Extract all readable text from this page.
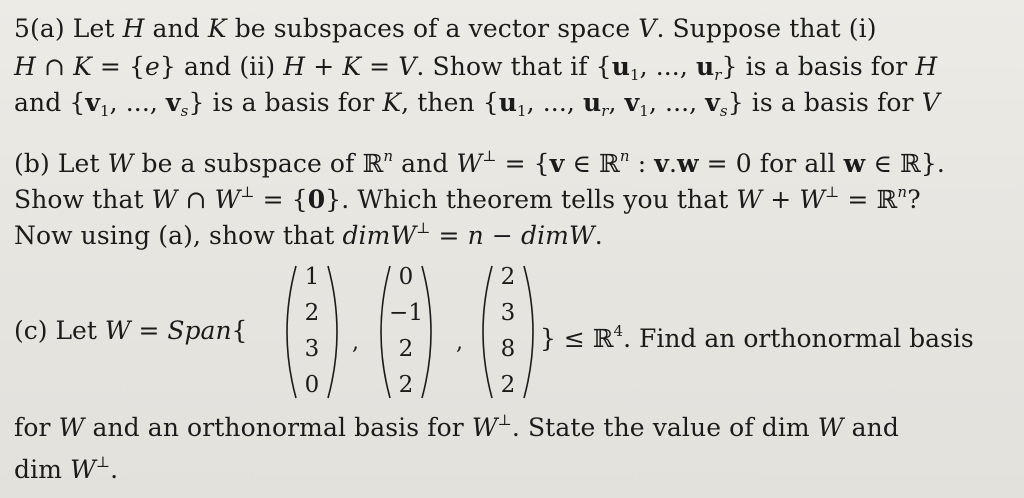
5(a) Let H and K be subspaces of a vector space V. Suppose that (i)
H ∩ K = {e} and (ii) H + K = V. Show that if {$u_1$, ..., $u_r$} is a basis for H
and {$v_1$, ..., $v_s$} is a basis for K, then {$u_1$, ..., $u_r$, $v_1$, ..., $v_s$} is a basis for V
(b) Let W be a subspace of ℝ$^n$ and W⊥ = {v ∈ ℝ$^n$ : v.w = 0 for all w ∈ ℝ}.
Show that W ∩ W⊥ = {0}. Which theorem tells you that W + W⊥ = ℝ$^n$?
Now using (a), show that dimW⊥ = n − dimW.
(c) Let W = Span{
1
2
3
0
,
0
−1
2
2
,
2
3
8
2
} ≤ ℝ$^4$. Find an orthonormal basis
for W and an orthonormal basis for W⊥. State the value of dim W and
dim W⊥.
